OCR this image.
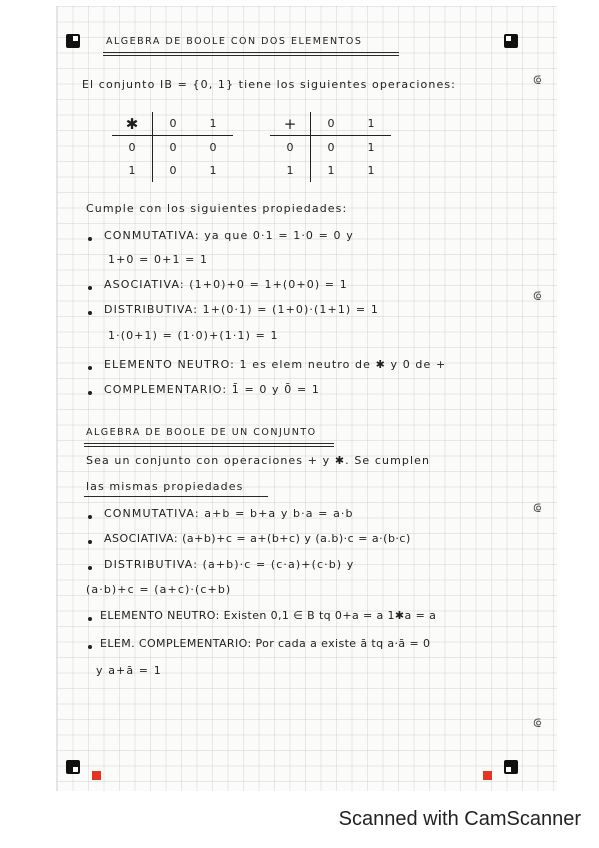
⟃
⟃
⟃
⟃
ALGEBRA DE BOOLE CON DOS ELEMENTOS
El conjunto IB = {0, 1} tiene los siguientes operaciones:
✱	0	1
0	0	0
1	0	1
+	0	1
0	0	1
1	1	1
Cumple con los siguientes propiedades:
CONMUTATIVA: ya que 0·1 = 1·0 = 0 y
1+0 = 0+1 = 1
ASOCIATIVA: (1+0)+0 = 1+(0+0) = 1
DISTRIBUTIVA: 1+(0·1) = (1+0)·(1+1) = 1
1·(0+1) = (1·0)+(1·1) = 1
ELEMENTO NEUTRO: 1 es elem neutro de ✱ y 0 de +
COMPLEMENTARIO: 1̄ = 0 y 0̄ = 1
ALGEBRA DE BOOLE DE UN CONJUNTO
Sea un conjunto con operaciones + y ✱. Se cumplen
las mismas propiedades
CONMUTATIVA: a+b = b+a y b·a = a·b
ASOCIATIVA: (a+b)+c = a+(b+c) y (a.b)·c = a·(b·c)
DISTRIBUTIVA: (a+b)·c = (c·a)+(c·b) y
(a·b)+c = (a+c)·(c+b)
ELEMENTO NEUTRO: Existen 0,1 ∈ B tq 0+a = a 1✱a = a
ELEM. COMPLEMENTARIO: Por cada a existe ā tq a·ā = 0
y a+ā = 1
Scanned with CamScanner
